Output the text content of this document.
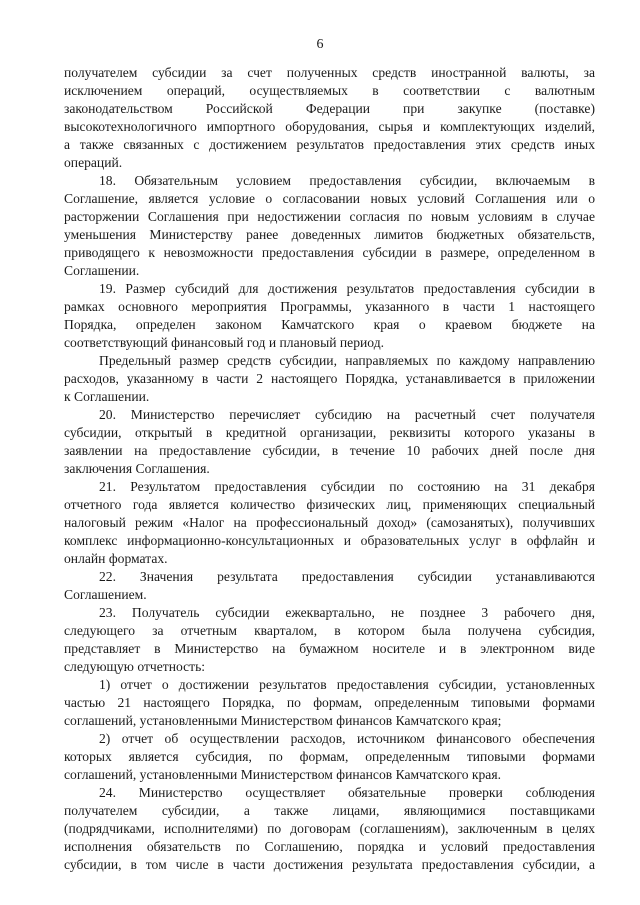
6
получателем субсидии за счет полученных средств иностранной валюты, за
исключением операций, осуществляемых в соответствии с валютным
законодательством Российской Федерации при закупке (поставке)
высокотехнологичного импортного оборудования, сырья и комплектующих изделий,
а также связанных с достижением результатов предоставления этих средств иных
операций.
18. Обязательным условием предоставления субсидии, включаемым в
Соглашение, является условие о согласовании новых условий Соглашения или о
расторжении Соглашения при недостижении согласия по новым условиям в случае
уменьшения Министерству ранее доведенных лимитов бюджетных обязательств,
приводящего к невозможности предоставления субсидии в размере, определенном в
Соглашении.
19. Размер субсидий для достижения результатов предоставления субсидии в
рамках основного мероприятия Программы, указанного в части 1 настоящего
Порядка, определен законом Камчатского края о краевом бюджете на
соответствующий финансовый год и плановый период.
Предельный размер средств субсидии, направляемых по каждому направлению
расходов, указанному в части 2 настоящего Порядка, устанавливается в приложении
к Соглашении.
20. Министерство перечисляет субсидию на расчетный счет получателя
субсидии, открытый в кредитной организации, реквизиты которого указаны в
заявлении на предоставление субсидии, в течение 10 рабочих дней после дня
заключения Соглашения.
21. Результатом предоставления субсидии по состоянию на 31 декабря
отчетного года является количество физических лиц, применяющих специальный
налоговый режим «Налог на профессиональный доход» (самозанятых), получивших
комплекс информационно-консультационных и образовательных услуг в оффлайн и
онлайн форматах.
22. Значения результата предоставления субсидии устанавливаются
Соглашением.
23. Получатель субсидии ежеквартально, не позднее 3 рабочего дня,
следующего за отчетным кварталом, в котором была получена субсидия,
представляет в Министерство на бумажном носителе и в электронном виде
следующую отчетность:
1) отчет о достижении результатов предоставления субсидии, установленных
частью 21 настоящего Порядка, по формам, определенным типовыми формами
соглашений, установленными Министерством финансов Камчатского края;
2) отчет об осуществлении расходов, источником финансового обеспечения
которых является субсидия, по формам, определенным типовыми формами
соглашений, установленными Министерством финансов Камчатского края.
24. Министерство осуществляет обязательные проверки соблюдения
получателем субсидии, а также лицами, являющимися поставщиками
(подрядчиками, исполнителями) по договорам (соглашениям), заключенным в целях
исполнения обязательств по Соглашению, порядка и условий предоставления
субсидии, в том числе в части достижения результата предоставления субсидии, а
